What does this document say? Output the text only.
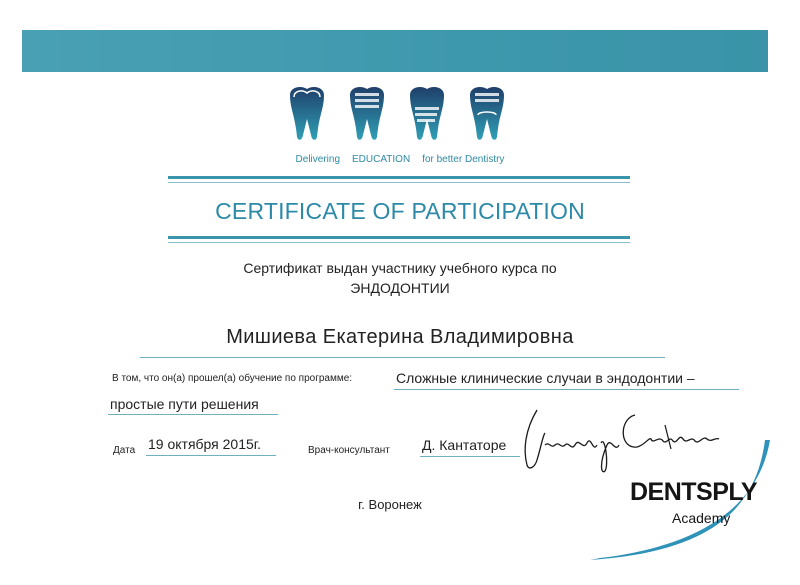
Delivering EDUCATION for better Dentistry
CERTIFICATE OF PARTICIPATION
Сертификат выдан участнику учебного курса по
ЭНДОДОНТИИ
Мишиева Екатерина Владимировна
В том, что он(а) прошел(а) обучение по программе:	Сложные клинические случаи в эндодонтии –
простые пути решения
Дата 19 октября 2015г.	Врач-консультант Д. Кантаторе
г. Воронеж	DENTSPLY
Academy
